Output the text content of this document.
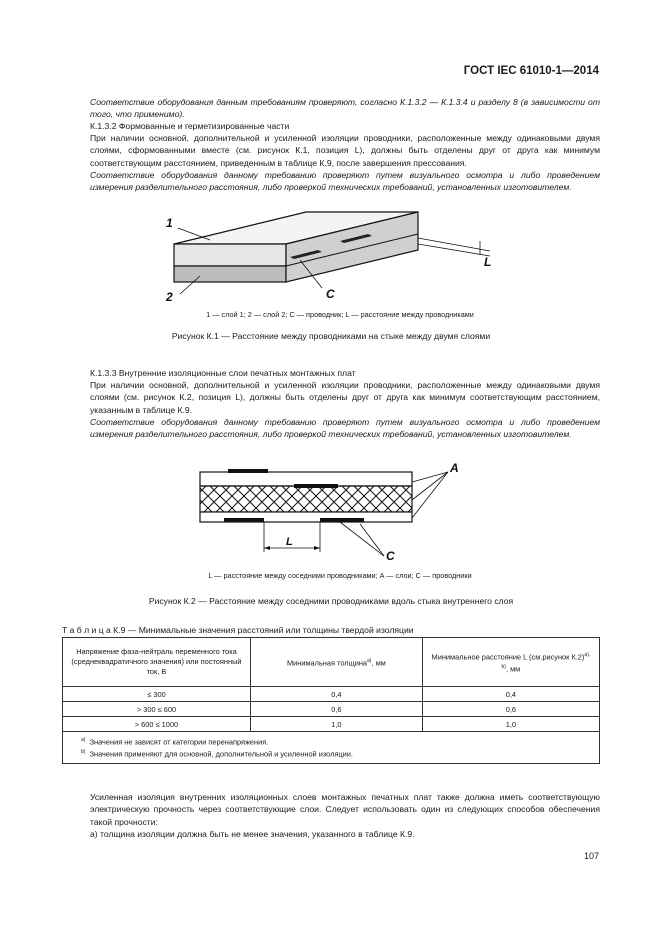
ГОСТ IEC 61010-1—2014
Соответствие оборудования данным требованиям проверяют, согласно К.1.3.2 — К.1.3.4 и разделу 8 (в зависимости от того, что применимо).
К.1.3.2 Формованные и герметизированные части
При наличии основной, дополнительной и усиленной изоляции проводники, расположенные между одинаковыми двумя слоями, сформованными вместе (см. рисунок К.1, позиция L), должны быть отделены друг от друга как минимум соответствующим расстоянием, приведенным в таблице К.9, после завершения прессования.
Соответствие оборудования данному требованию проверяют путем визуального осмотра и либо проведением измерения разделительного расстояния, либо проверкой технических требований, установленных изготовителем.
1
2	C
L
1 — слой 1; 2 — слой 2; C — проводник; L — расстояние между проводниками
Рисунок К.1 — Расстояние между проводниками на стыке между двумя слоями
К.1.3.3 Внутренние изоляционные слои печатных монтажных плат
При наличии основной, дополнительной и усиленной изоляции проводники, расположенные между одинаковыми двумя слоями (см. рисунок К.2, позиция L), должны быть отделены друг от друга как минимум соответствующим расстоянием, указанным в таблице К.9.
Соответствие оборудования данному требованию проверяют путем визуального осмотра и либо проведением измерения разделительного расстояния, либо проверкой технических требований, установленных изготовителем.
L
A
C
L — расстояние между соседними проводниками; A — слои; C — проводники
Рисунок К.2 — Расстояние между соседними проводниками вдоль стыка внутреннего слоя
Т а б л и ц а К.9 — Минимальные значения расстояний или толщины твердой изоляции
Напряжение фаза-нейтраль переменного тока (среднеквадратичного значения) или постоянный ток, В	Минимальная толщина$^{а)}$, мм	Минимальное расстояние L (см.рисунок К.2)$^{а), b)}$, мм
≤ 300	0,4	0,4
> 300 ≤ 600	0,6	0,6
> 600 ≤ 1000	1,0	1,0

$^{а)}$ Значения не зависят от категории перенапряжения.
$^{b)}$ Значения применяют для основной, дополнительной и усиленной изоляции.		
Усиленная изоляция внутренних изоляционных слоев монтажных печатных плат также должна иметь соответствующую электрическую прочность через соответствующие слои. Следует использовать один из следующих способов обеспечения такой прочности:
a) толщина изоляции должна быть не менее значения, указанного в таблице К.9.
107
